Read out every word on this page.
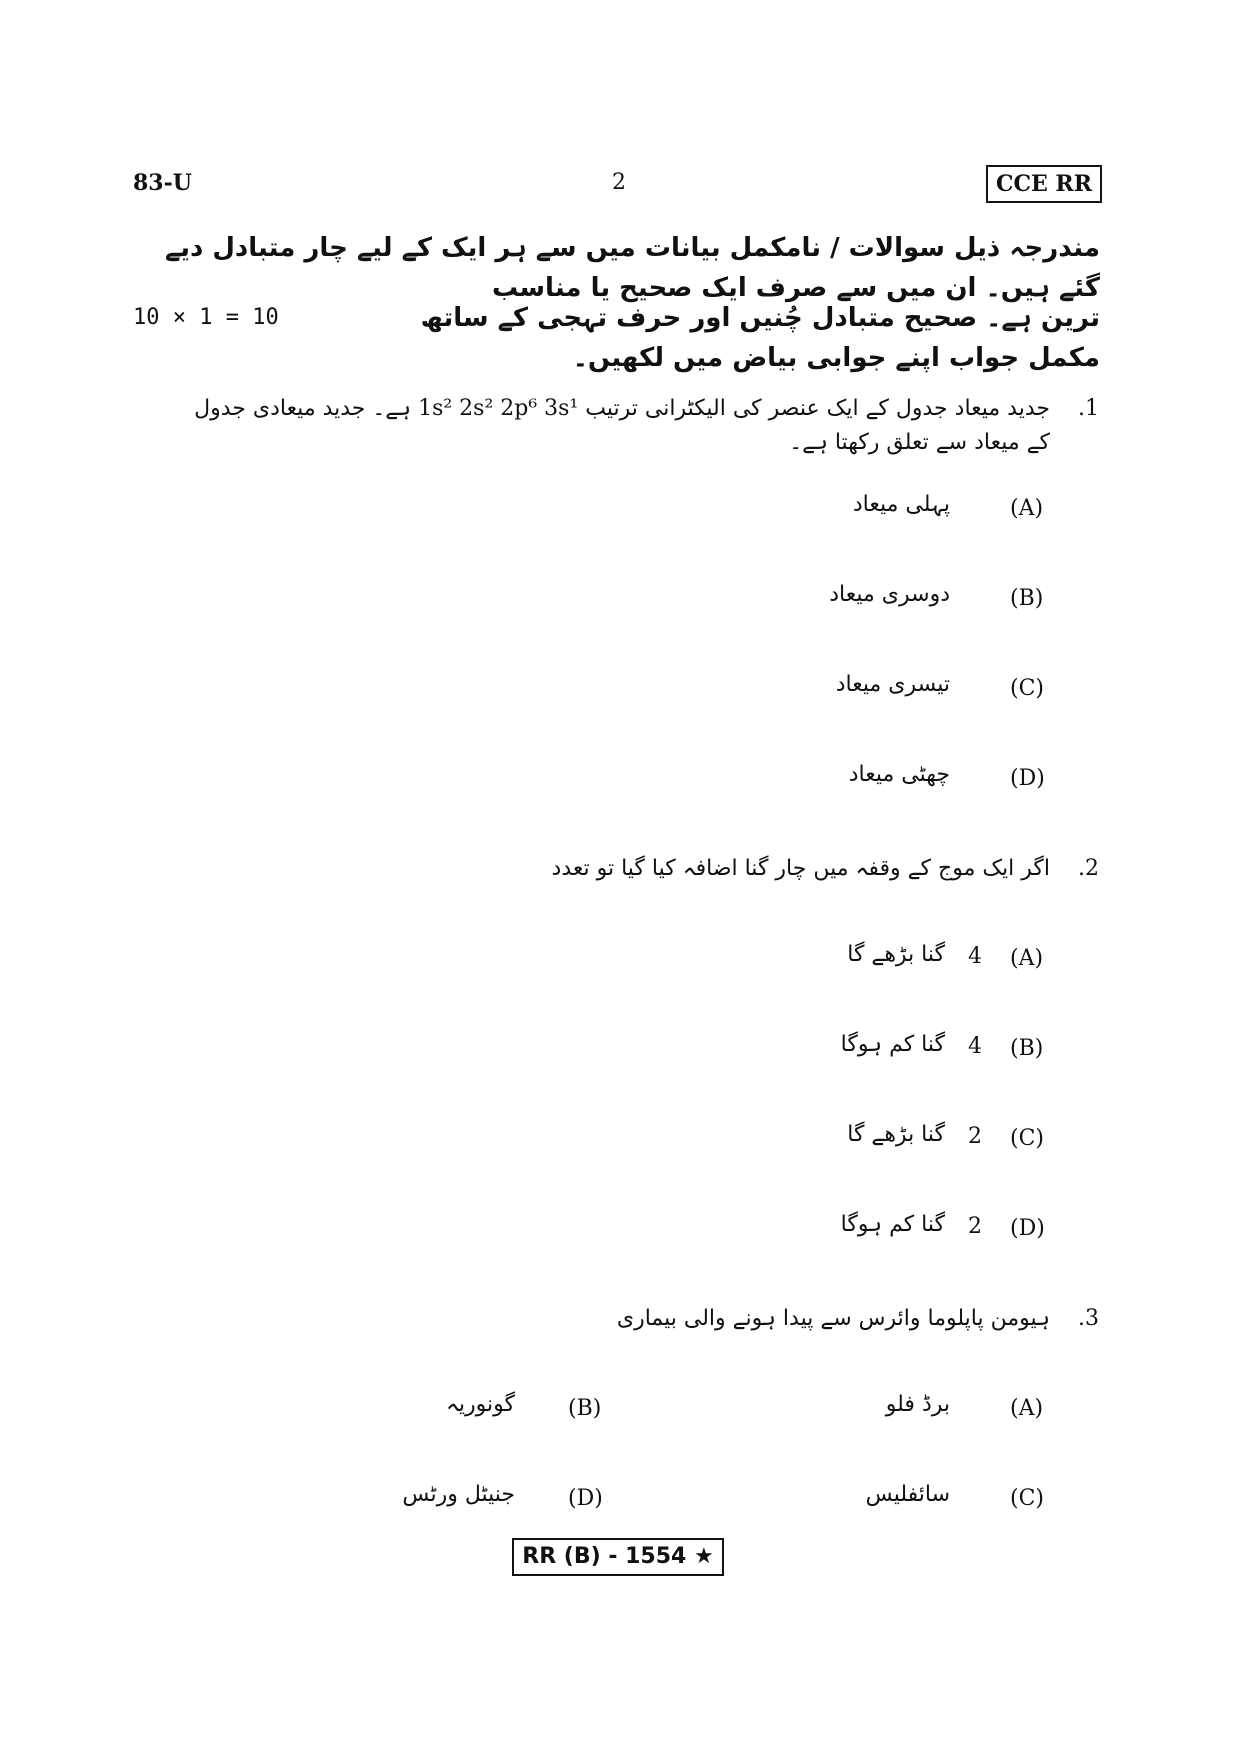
83-U	2	CCE RR
مندرجہ ذیل سوالات / نامکمل بیانات میں سے ہر ایک کے لیے چار متبادل دیے گئے ہیں۔ ان میں سے صرف ایک صحیح یا مناسب
ترین ہے۔ صحیح متبادل چُنیں اور حرف تہجی کے ساتھ مکمل جواب اپنے جوابی بیاض میں لکھیں۔
10 × 1 = 10
.1
جدید میعاد جدول کے ایک عنصر کی الیکٹرانی ترتیب 1s² 2s² 2p⁶ 3s¹ ہے۔ جدید میعادی جدول کے میعاد سے تعلق رکھتا ہے۔
(A)
پہلی میعاد
(B)
دوسری میعاد
(C)
تیسری میعاد
(D)
چھٹی میعاد
.2
اگر ایک موج کے وقفہ میں چار گنا اضافہ کیا گیا تو تعدد
(A)
4
گنا بڑھے گا
(B)
4
گنا کم ہوگا
(C)
2
گنا بڑھے گا
(D)
2
گنا کم ہوگا
.3
ہیومن پاپلوما وائرس سے پیدا ہونے والی بیماری
(A)
برڈ فلو
(B)
گونوریہ
(C)
سائفلیس
(D)
جنیٹل ورٹس
RR (B) - 1554 ★
